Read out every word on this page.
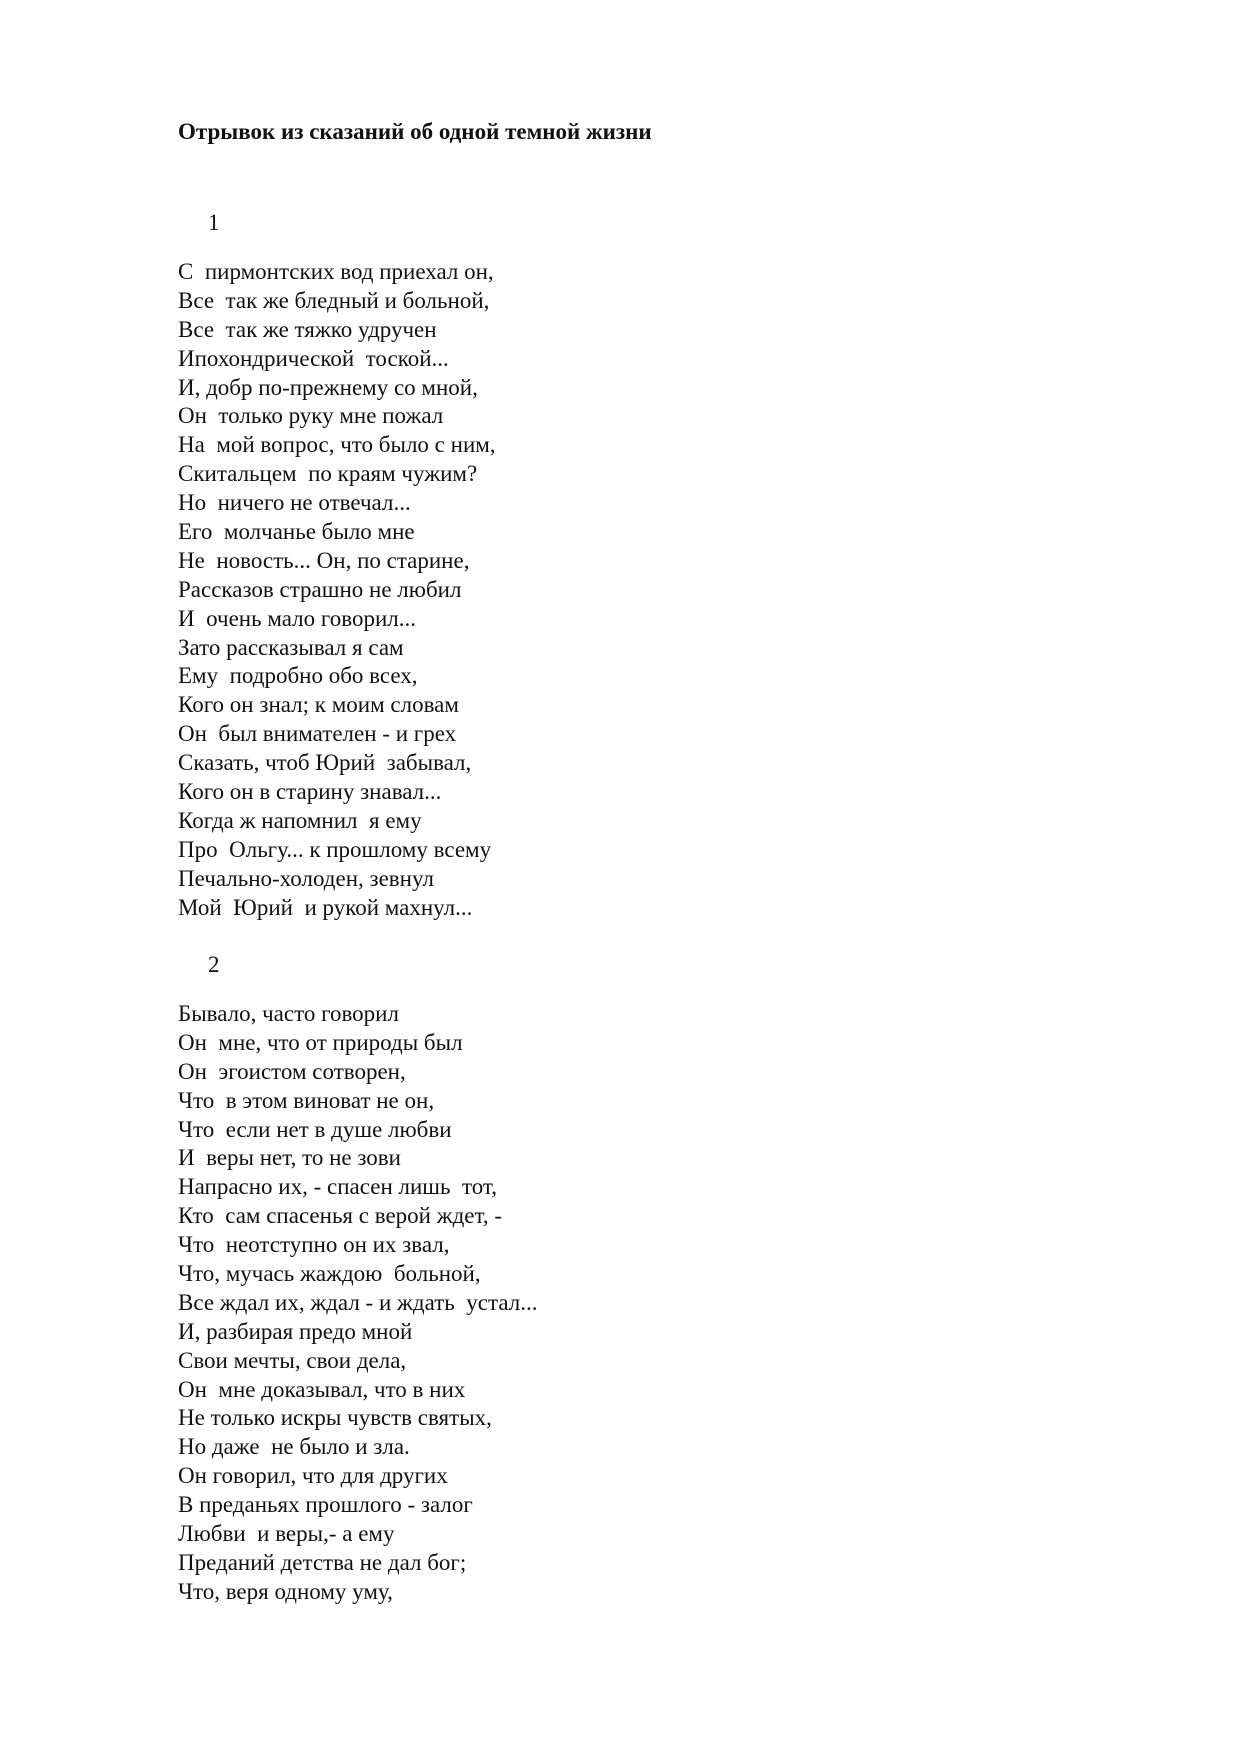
Отрывок из сказаний об одной темной жизни
1
С  пирмонтских вод приехал он,
Все  так же бледный и больной,
Все  так же тяжко удручен
Ипохондрической  тоской...
И, добр по-прежнему со мной,
Он  только руку мне пожал
На  мой вопрос, что было с ним,
Скитальцем  по краям чужим?
Но  ничего не отвечал...
Его  молчанье было мне
Не  новость... Он, по старине,
Рассказов страшно не любил
И  очень мало говорил...
Зато рассказывал я сам
Ему  подробно обо всех,
Кого он знал; к моим словам
Он  был внимателен - и грех
Сказать, чтоб Юрий  забывал,
Кого он в старину знавал...
Когда ж напомнил  я ему
Про  Ольгу... к прошлому всему
Печально-холоден, зевнул
Мой  Юрий  и рукой махнул...
2
Бывало, часто говорил
Он  мне, что от природы был
Он  эгоистом сотворен,
Что  в этом виноват не он,
Что  если нет в душе любви
И  веры нет, то не зови
Напрасно их, - спасен лишь  тот,
Кто  сам спасенья с верой ждет, -
Что  неотступно он их звал,
Что, мучась жаждою  больной,
Все ждал их, ждал - и ждать  устал...
И, разбирая предо мной
Свои мечты, свои дела,
Он  мне доказывал, что в них
Не только искры чувств святых,
Но даже  не было и зла.
Он говорил, что для других
В преданьях прошлого - залог
Любви  и веры,- а ему
Преданий детства не дал бог;
Что, веря одному уму,
